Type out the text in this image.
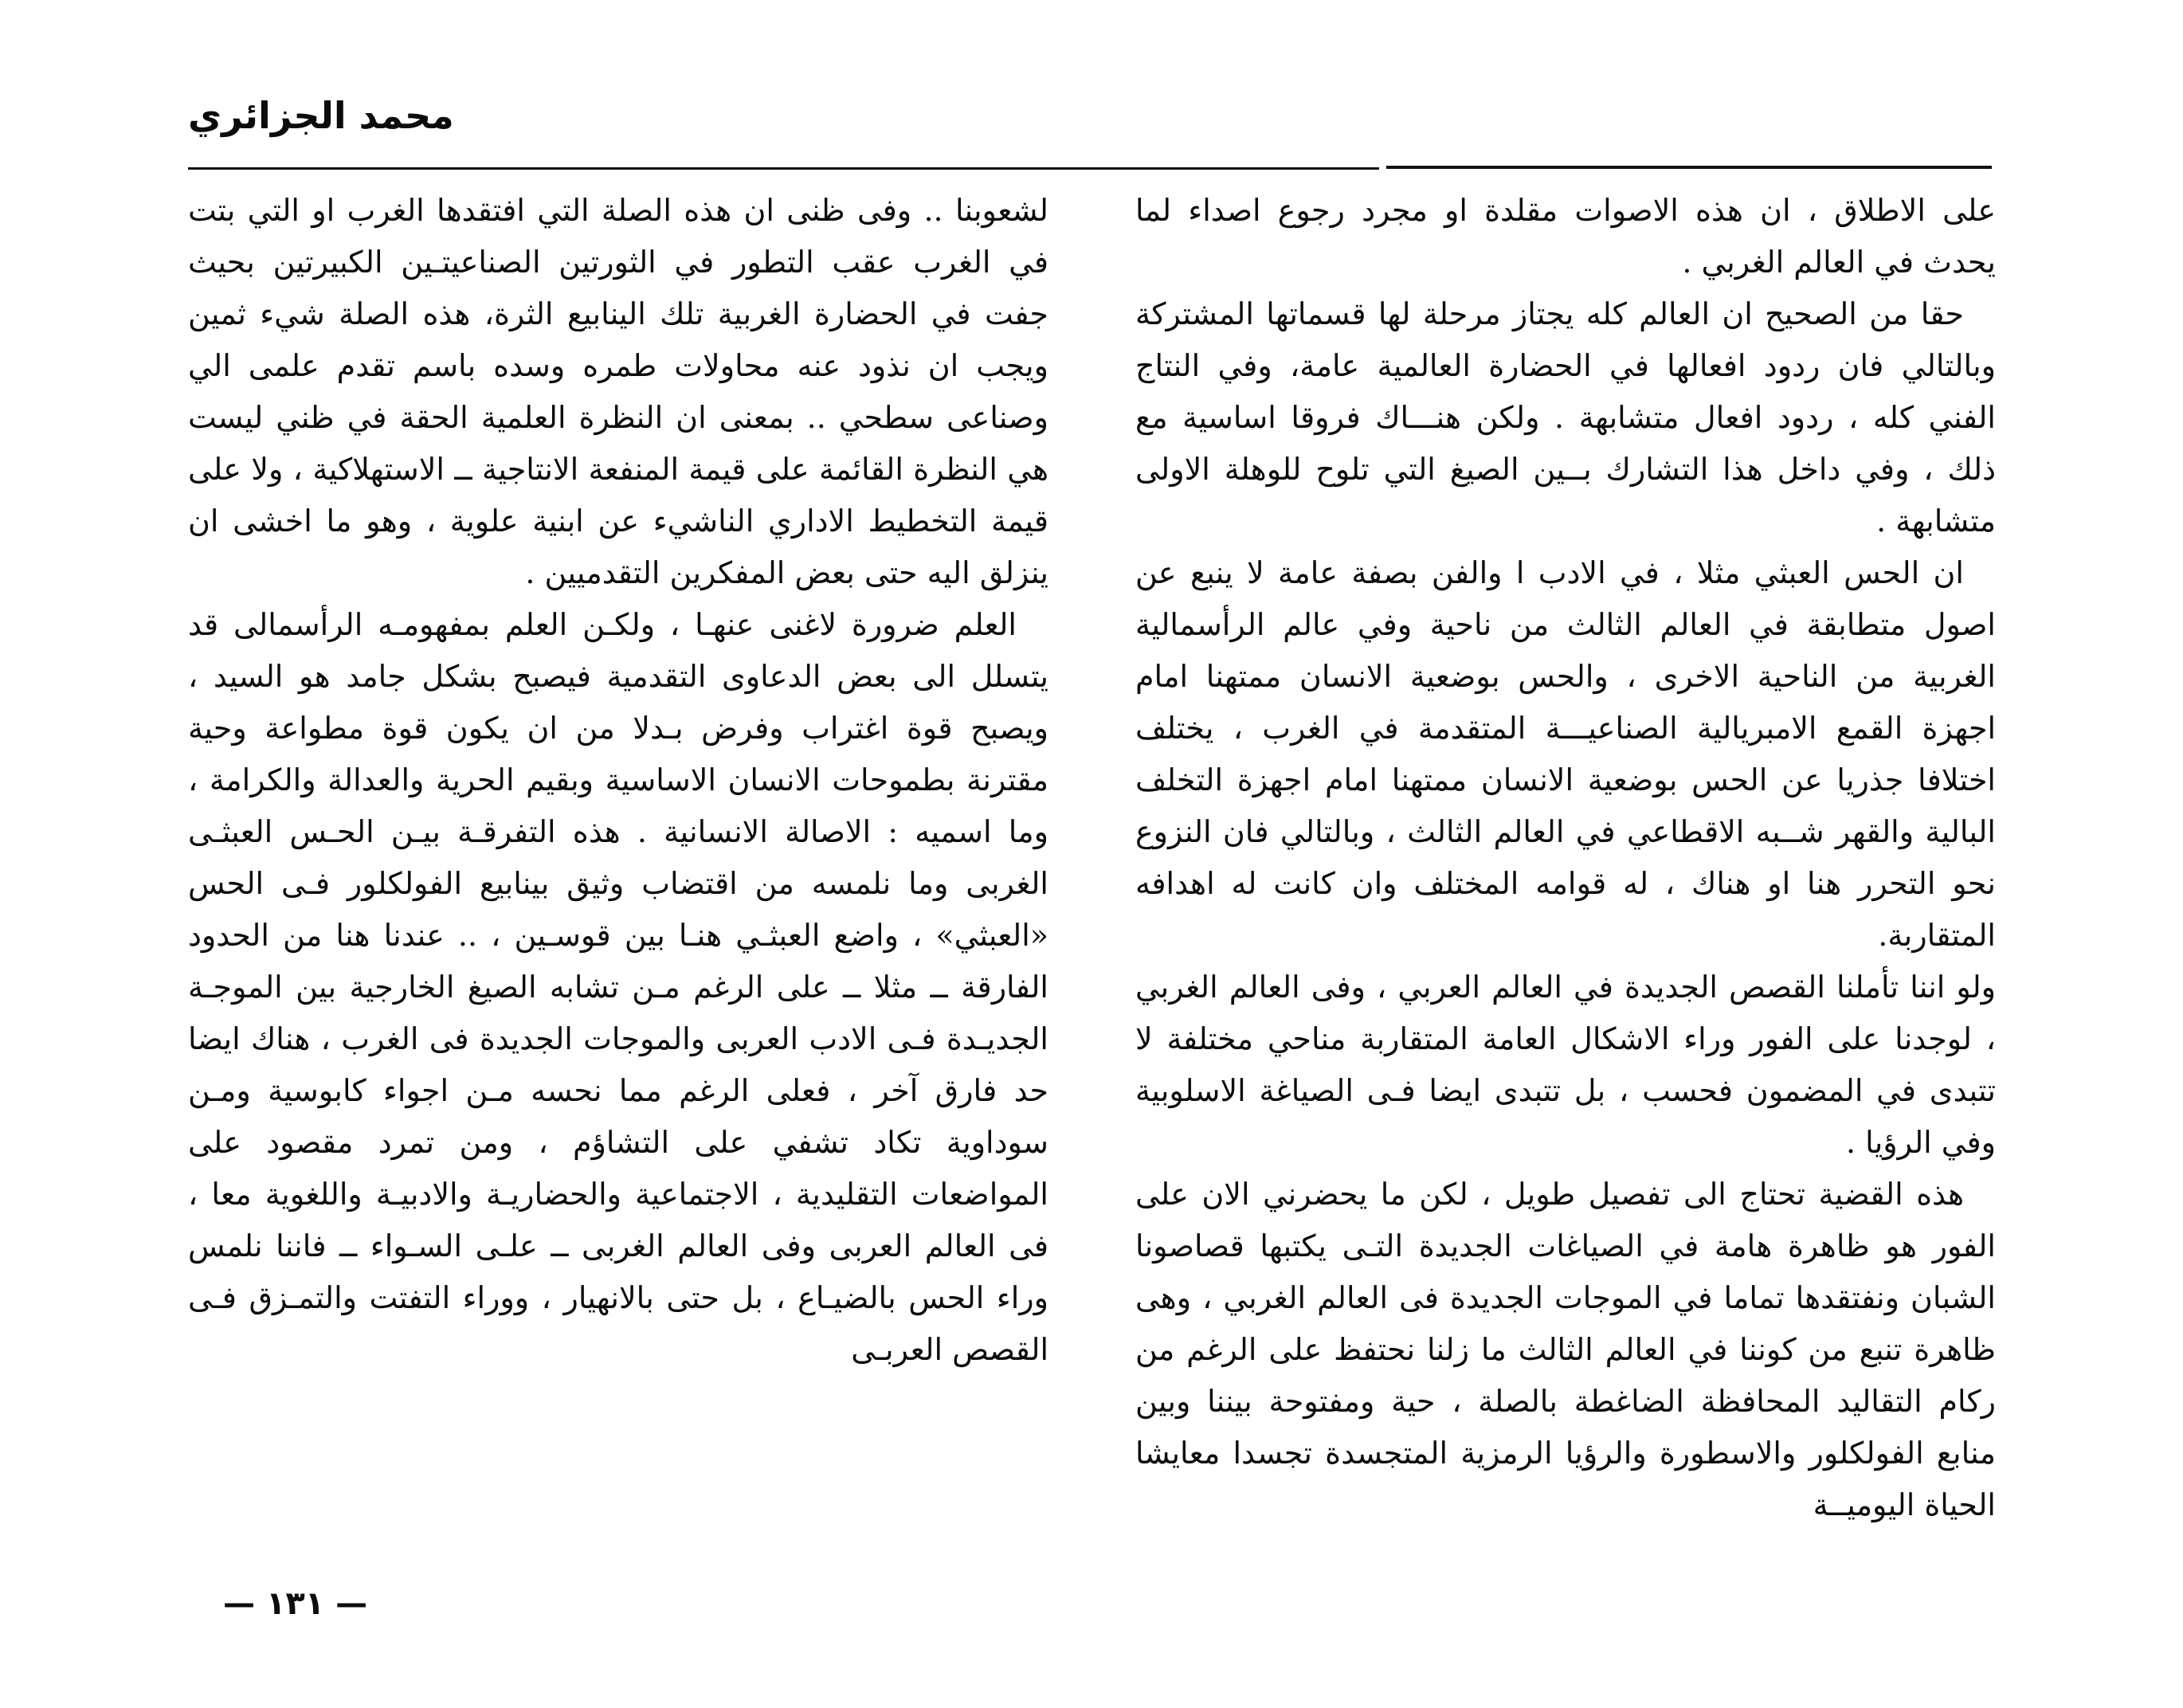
محمد الجزائري

على الاطلاق ، ان هذه الاصوات مقلدة او مجرد رجوع اصداء لما يحدث في العالم الغربي .

حقا من الصحيح ان العالم كله يجتاز مرحلة لها قسماتها المشتركة وبالتالي فان ردود افعالها في الحضارة العالمية عامة، وفي النتاج الفني كله ، ردود افعال متشابهة . ولكن هنـــاك فروقا اساسية مع ذلك ، وفي داخل هذا التشارك بــين الصيغ التي تلوح للوهلة الاولى متشابهة .

ان الحس العبثي مثلا ، في الادب ا والفن بصفة عامة لا ينبع عن اصول متطابقة في العالم الثالث من ناحية وفي عالم الرأسمالية الغربية من الناحية الاخرى ، والحس بوضعية الانسان ممتهنا امام اجهزة القمع الامبريالية الصناعيـــة المتقدمة في الغرب ، يختلف اختلافا جذريا عن الحس بوضعية الانسان ممتهنا امام اجهزة التخلف البالية والقهر شــبه الاقطاعي في العالم الثالث ، وبالتالي فان النزوع نحو التحرر هنا او هناك ، له قوامه المختلف وان كانت له اهدافه المتقاربة.

ولو اننا تأملنا القصص الجديدة في العالم العربي ، وفى العالم الغربي ، لوجدنا على الفور وراء الاشكال العامة المتقاربة مناحي مختلفة لا تتبدى في المضمون فحسب ، بل تتبدى ايضا فـى الصياغة الاسلوبية وفي الرؤيا .

هذه القضية تحتاج الى تفصيل طويل ، لكن ما يحضرني الان على الفور هو ظاهرة هامة في الصياغات الجديدة التـى يكتبها قصاصونا الشبان ونفتقدها تماما في الموجات الجديدة فى العالم الغربي ، وهى ظاهرة تنبع من كوننا في العالم الثالث ما زلنا نحتفظ على الرغم من ركام التقاليد المحافظة الضاغطة بالصلة ، حية ومفتوحة بيننا وبين منابع الفولكلور والاسطورة والرؤيا الرمزية المتجسدة تجسدا معايشا الحياة اليوميــة

لشعوبنا .. وفى ظنى ان هذه الصلة التي افتقدها الغرب او التي بتت في الغرب عقب التطور في الثورتين الصناعيتـين الكبيرتين بحيث جفت في الحضارة الغربية تلك الينابيع الثرة، هذه الصلة شيء ثمين ويجب ان نذود عنه محاولات طمره وسده باسم تقدم علمى الي وصناعى سطحي .. بمعنى ان النظرة العلمية الحقة في ظني ليست هي النظرة القائمة على قيمة المنفعة الانتاجية ــ الاستهلاكية ، ولا على قيمة التخطيط الاداري الناشيء عن ابنية علوية ، وهو ما اخشى ان ينزلق اليه حتى بعض المفكرين التقدميين .

العلم ضرورة لاغنى عنهـا ، ولكـن العلم بمفهومـه الرأسمالى قد يتسلل الى بعض الدعاوى التقدمية فيصبح بشكل جامد هو السيد ، ويصبح قوة اغتراب وفرض بـدلا من ان يكون قوة مطواعة وحية مقترنة بطموحات الانسان الاساسية وبقيم الحرية والعدالة والكرامة ، وما اسميه : الاصالة الانسانية . هذه التفرقـة بيـن الحـس العبثـى الغربى وما نلمسه من اقتضاب وثيق بينابيع الفولكلور فـى الحس «العبثي» ، واضع العبثـي هنـا بين قوسـين ، .. عندنا هنا من الحدود الفارقة ــ مثلا ــ على الرغم مـن تشابه الصيغ الخارجية بين الموجـة الجديـدة فـى الادب العربى والموجات الجديدة فى الغرب ، هناك ايضا حد فارق آخر ، فعلى الرغم مما نحسه مـن اجواء كابوسية ومـن سوداوية تكاد تشفي على التشاؤم ، ومن تمرد مقصود على المواضعات التقليدية ، الاجتماعية والحضاريـة والادبيـة واللغوية معا ، فى العالم العربى وفى العالم الغربى ــ علـى السـواء ــ فاننا نلمس وراء الحس بالضيـاع ، بل حتى بالانهيار ، ووراء التفتت والتمـزق فـى القصص العربـى

— ١٣١ —
